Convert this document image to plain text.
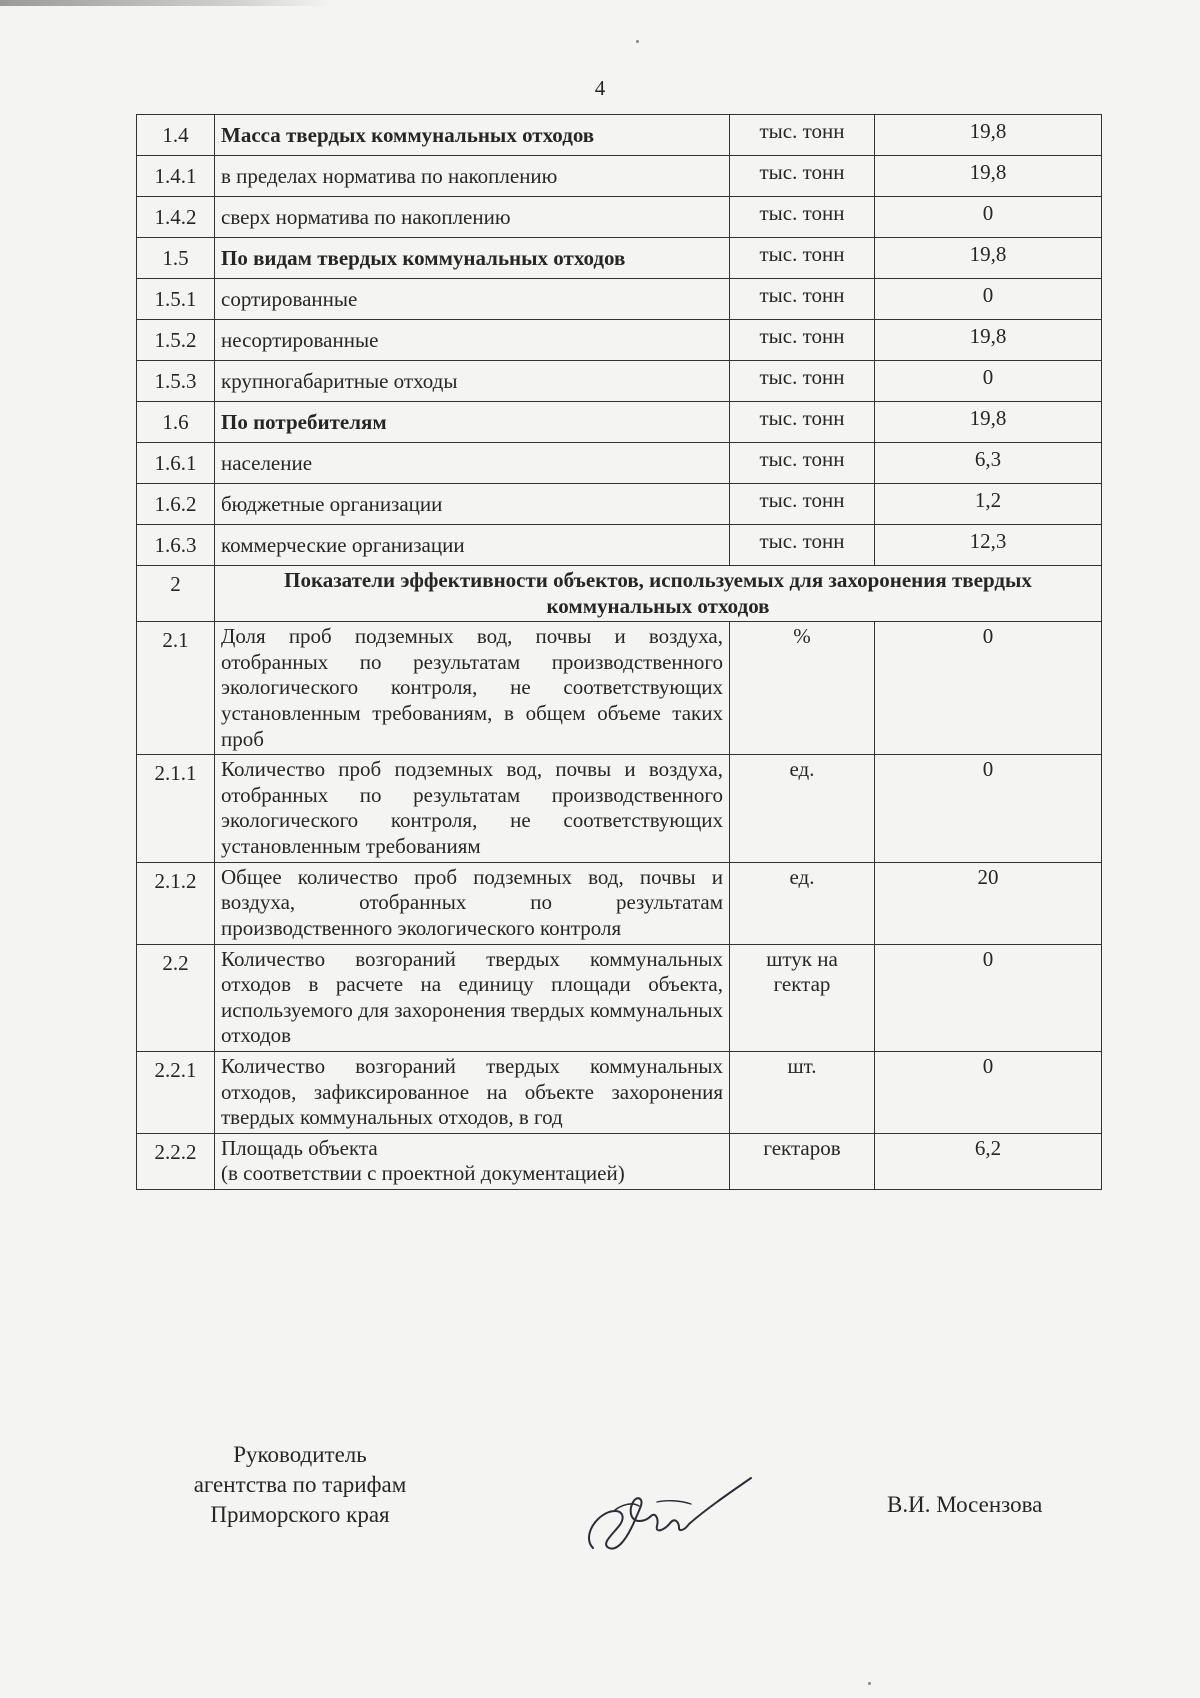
4
1.4	Масса твердых коммунальных отходов	тыс. тонн	19,8
1.4.1	в пределах норматива по накоплению	тыс. тонн	19,8
1.4.2	сверх норматива по накоплению	тыс. тонн	0
1.5	По видам твердых коммунальных отходов	тыс. тонн	19,8
1.5.1	сортированные	тыс. тонн	0
1.5.2	несортированные	тыс. тонн	19,8
1.5.3	крупногабаритные отходы	тыс. тонн	0
1.6	По потребителям	тыс. тонн	19,8
1.6.1	население	тыс. тонн	6,3
1.6.2	бюджетные организации	тыс. тонн	1,2
1.6.3	коммерческие организации	тыс. тонн	12,3
2	Показатели эффективности объектов, используемых для захоронения твердых коммунальных отходов		
2.1	Доля проб подземных вод, почвы и воздуха, отобранных по результатам производственного экологического контроля, не соответствующих установленным требованиям, в общем объеме таких проб	%	0
2.1.1	Количество проб подземных вод, почвы и воздуха, отобранных по результатам производственного экологического контроля, не соответствующих установленным требованиям	ед.	0
2.1.2	Общее количество проб подземных вод, почвы и воздуха, отобранных по результатам производственного экологического контроля	ед.	20
2.2	Количество возгораний твердых коммунальных отходов в расчете на единицу площади объекта, используемого для захоронения твердых коммунальных отходов	штук на гектар	0
2.2.1	Количество возгораний твердых коммунальных отходов, зафиксированное на объекте захоронения твердых коммунальных отходов, в год	шт.	0
2.2.2	Площадь объекта
(в соответствии с проектной документацией)	гектаров	6,2
Руководитель
агентства по тарифам
Приморского края	В.И. Мосензова
